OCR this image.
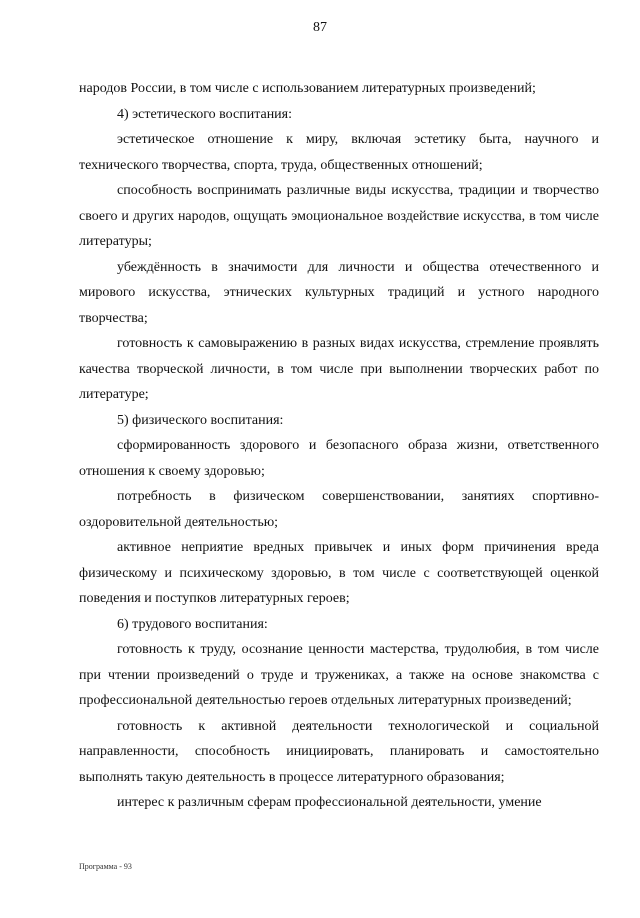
87

народов России, в том числе с использованием литературных произведений;

4) эстетического воспитания:

эстетическое отношение к миру, включая эстетику быта, научного и технического творчества, спорта, труда, общественных отношений;

способность воспринимать различные виды искусства, традиции и творчество своего и других народов, ощущать эмоциональное воздействие искусства, в том числе литературы;

убеждённость в значимости для личности и общества отечественного и мирового искусства, этнических культурных традиций и устного народного творчества;

готовность к самовыражению в разных видах искусства, стремление проявлять качества творческой личности, в том числе при выполнении творческих работ по литературе;

5) физического воспитания:

сформированность здорового и безопасного образа жизни, ответственного отношения к своему здоровью;

потребность в физическом совершенствовании, занятиях спортивно-оздоровительной деятельностью;

активное неприятие вредных привычек и иных форм причинения вреда физическому и психическому здоровью, в том числе с соответствующей оценкой поведения и поступков литературных героев;

6) трудового воспитания:

готовность к труду, осознание ценности мастерства, трудолюбия, в том числе при чтении произведений о труде и тружениках, а также на основе знакомства с профессиональной деятельностью героев отдельных литературных произведений;

готовность к активной деятельности технологической и социальной направленности, способность инициировать, планировать и самостоятельно выполнять такую деятельность в процессе литературного образования;

интерес к различным сферам профессиональной деятельности, умение

Программа - 93
